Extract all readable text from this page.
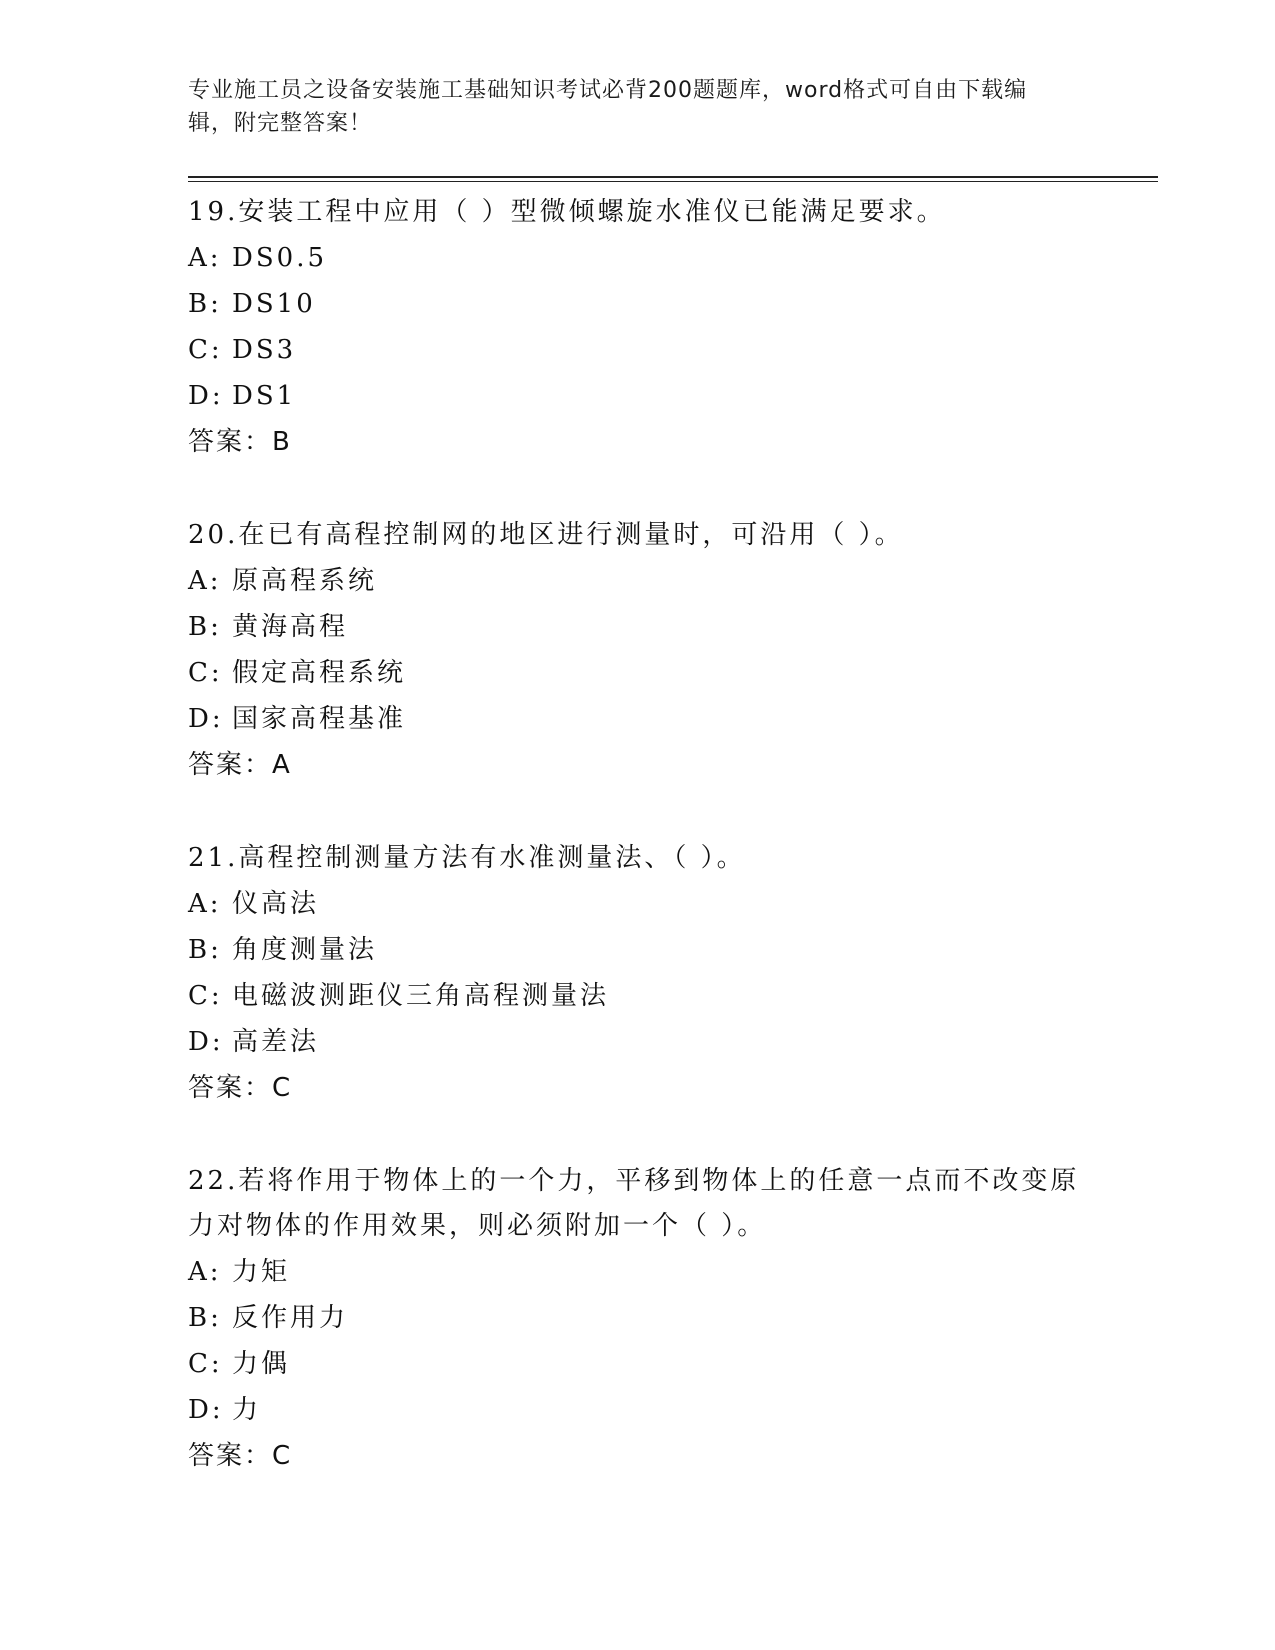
专业施工员之设备安装施工基础知识考试必背200题题库，word格式可自由下载编辑，附完整答案！

19.安装工程中应用（ ）型微倾螺旋水准仪已能满足要求。

A: DS0.5
B: DS10
C: DS3
D: DS1
答案：B

20.在已有高程控制网的地区进行测量时，可沿用（ ）。

A: 原高程系统
B: 黄海高程
C: 假定高程系统
D: 国家高程基准
答案：A

21.高程控制测量方法有水准测量法、（ ）。

A: 仪高法
B: 角度测量法
C: 电磁波测距仪三角高程测量法
D: 高差法
答案：C

22.若将作用于物体上的一个力，平移到物体上的任意一点而不改变原力对物体的作用效果，则必须附加一个（ ）。

A: 力矩
B: 反作用力
C: 力偶
D: 力
答案：C
